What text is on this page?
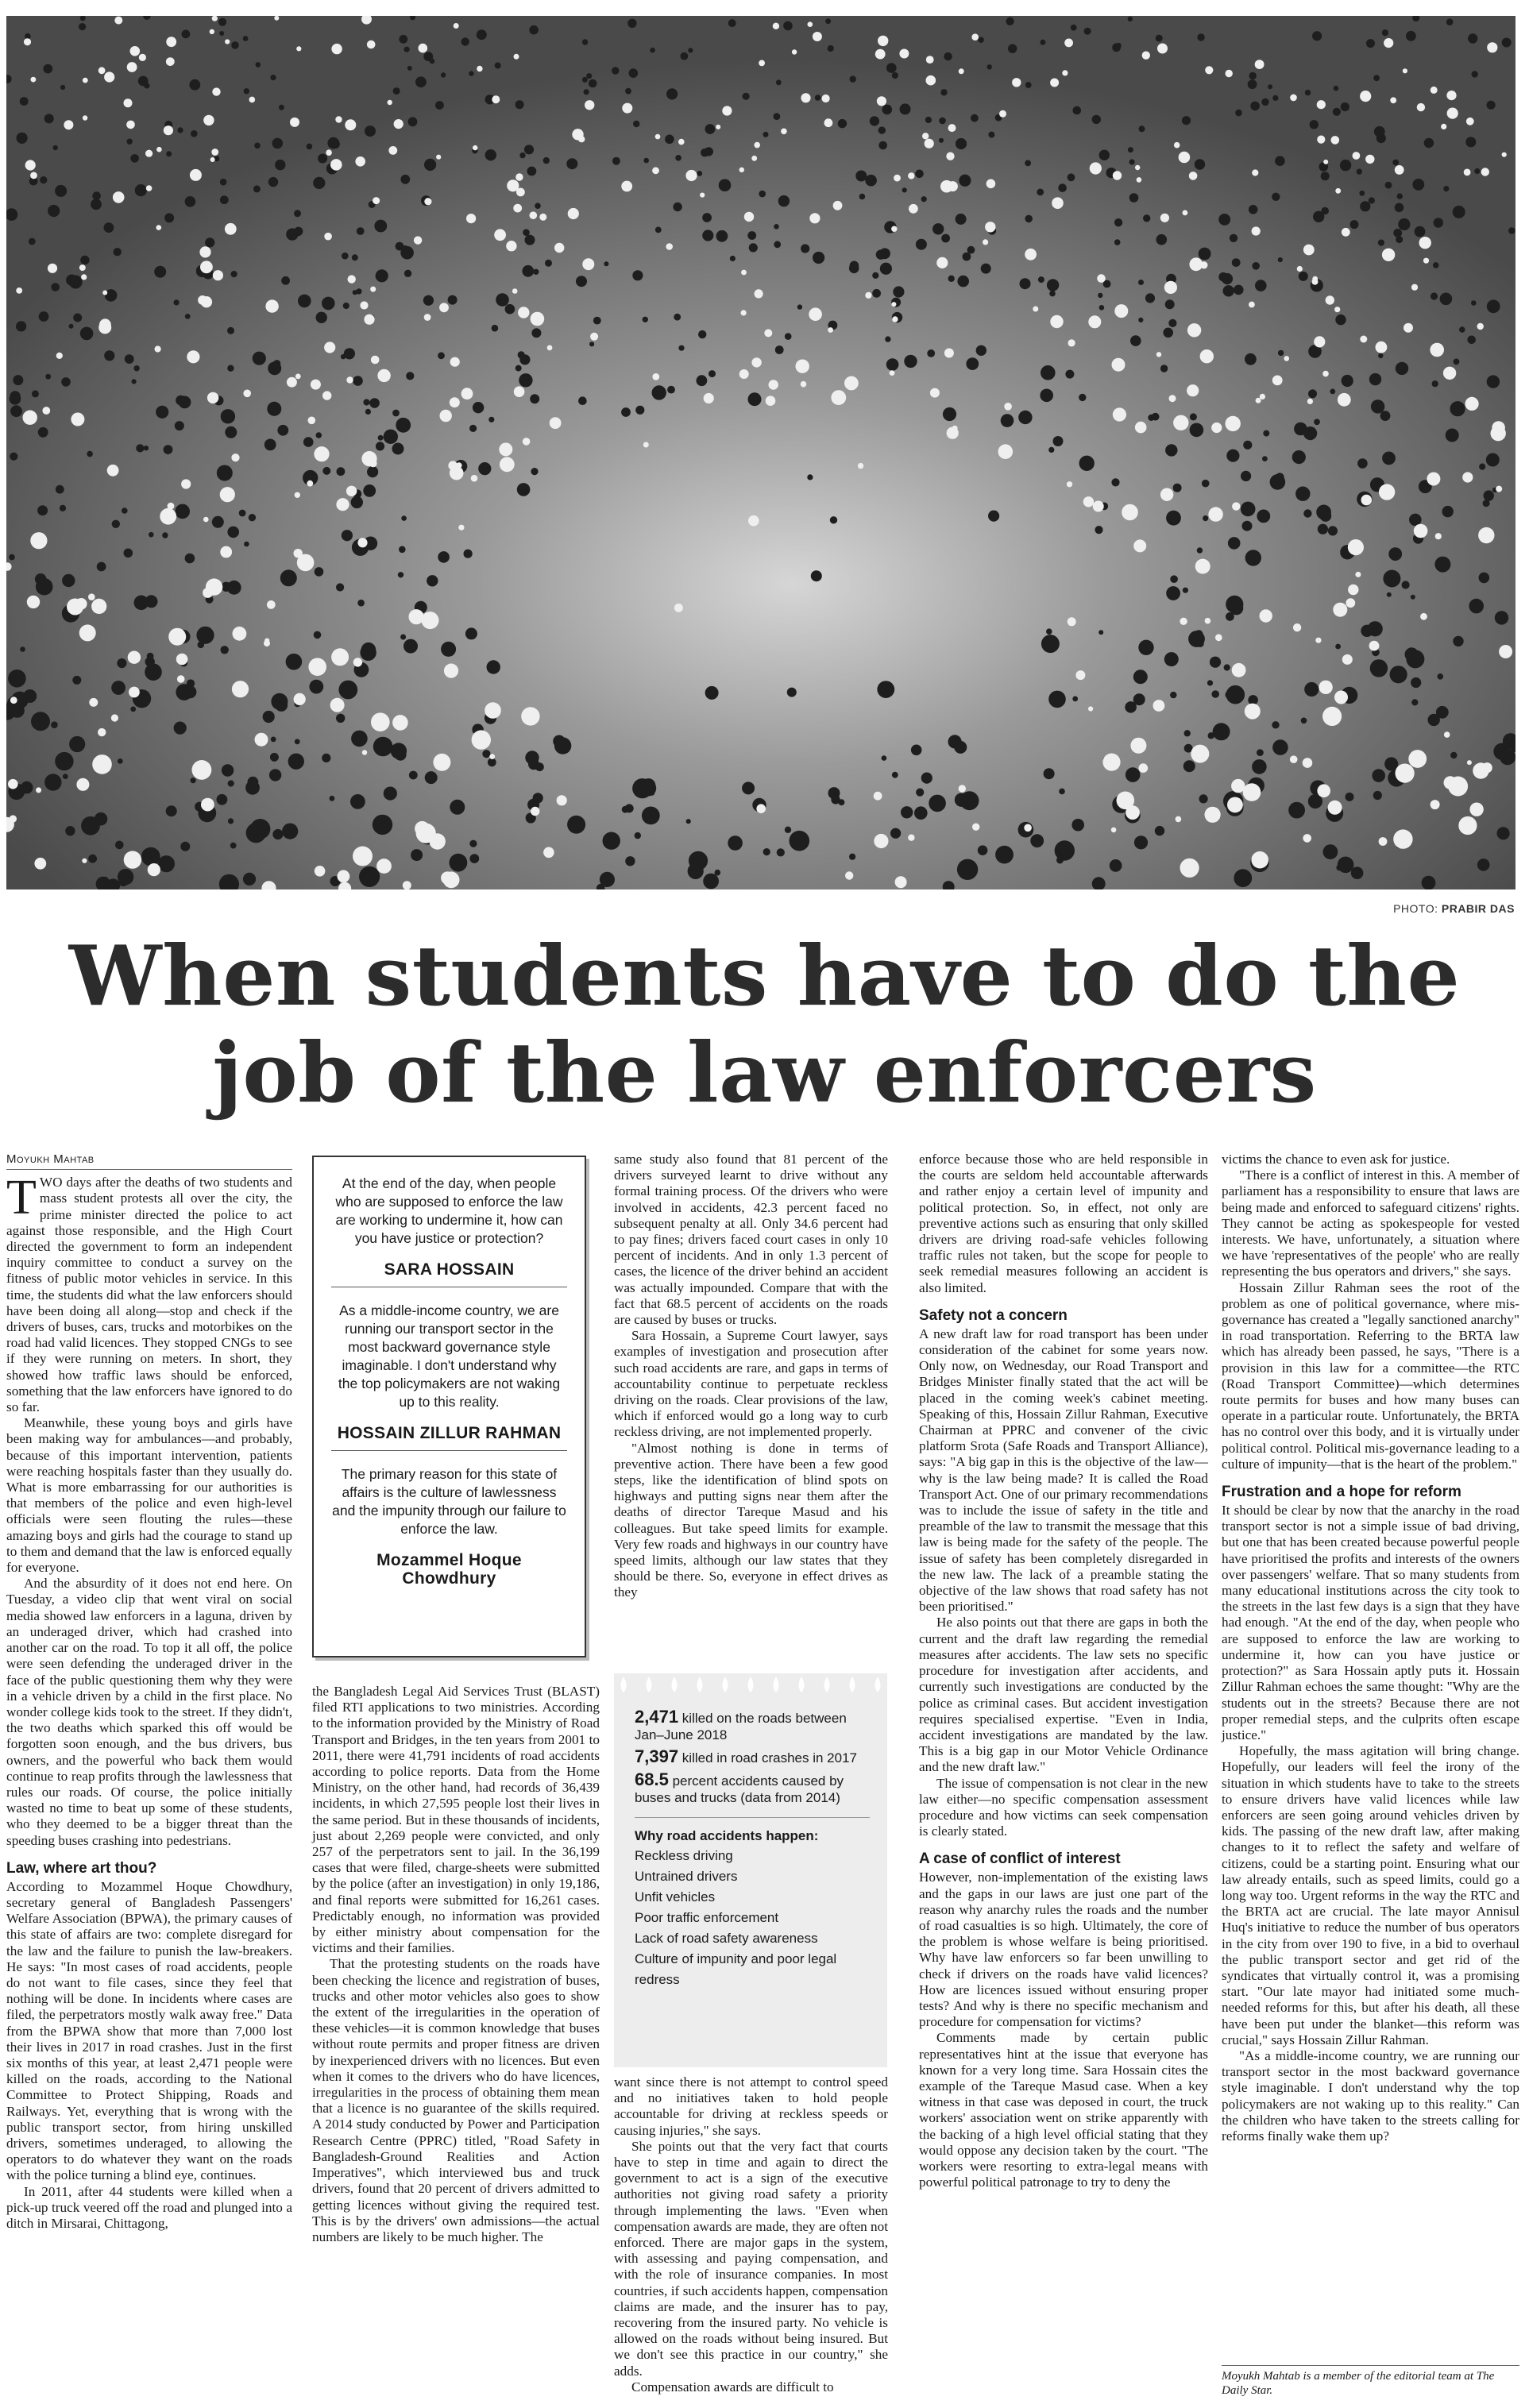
PHOTO: PRABIR DAS
When students have to do the
job of the law enforcers
Moyukh Mahtab

TWO days after the deaths of two students and mass student protests all over the city, the prime minister directed the police to act against those responsible, and the High Court directed the government to form an independent inquiry committee to conduct a survey on the fitness of public motor vehicles in service. In this time, the students did what the law enforcers should have been doing all along—stop and check if the drivers of buses, cars, trucks and motorbikes on the road had valid licences. They stopped CNGs to see if they were running on meters. In short, they showed how traffic laws should be enforced, something that the law enforcers have ignored to do so far.

Meanwhile, these young boys and girls have been making way for ambulances—and probably, because of this important intervention, patients were reaching hospitals faster than they usually do. What is more embarrassing for our authorities is that members of the police and even high-level officials were seen flouting the rules—these amazing boys and girls had the courage to stand up to them and demand that the law is enforced equally for everyone.

And the absurdity of it does not end here. On Tuesday, a video clip that went viral on social media showed law enforcers in a laguna, driven by an underaged driver, which had crashed into another car on the road. To top it all off, the police were seen defending the underaged driver in the face of the public questioning them why they were in a vehicle driven by a child in the first place. No wonder college kids took to the street. If they didn't, the two deaths which sparked this off would be forgotten soon enough, and the bus drivers, bus owners, and the powerful who back them would continue to reap profits through the lawlessness that rules our roads. Of course, the police initially wasted no time to beat up some of these students, who they deemed to be a bigger threat than the speeding buses crashing into pedestrians.

Law, where art thou?

According to Mozammel Hoque Chowdhury, secretary general of Bangladesh Passengers' Welfare Association (BPWA), the primary causes of this state of affairs are two: complete disregard for the law and the failure to punish the law-breakers. He says: "In most cases of road accidents, people do not want to file cases, since they feel that nothing will be done. In incidents where cases are filed, the perpetrators mostly walk away free." Data from the BPWA show that more than 7,000 lost their lives in 2017 in road crashes. Just in the first six months of this year, at least 2,471 people were killed on the roads, according to the National Committee to Protect Shipping, Roads and Railways. Yet, everything that is wrong with the public transport sector, from hiring unskilled drivers, sometimes underaged, to allowing the operators to do whatever they want on the roads with the police turning a blind eye, continues.

In 2011, after 44 students were killed when a pick-up truck veered off the road and plunged into a ditch in Mirsarai, Chittagong,

At the end of the day, when people who are supposed to enforce the law are working to undermine it, how can you have justice or protection?

SARA HOSSAIN

As a middle-income country, we are running our transport sector in the most backward governance style imaginable. I don't understand why the top policymakers are not waking up to this reality.

HOSSAIN ZILLUR RAHMAN

The primary reason for this state of affairs is the culture of lawlessness and the impunity through our failure to enforce the law.

Mozammel Hoque Chowdhury

the Bangladesh Legal Aid Services Trust (BLAST) filed RTI applications to two ministries. According to the information provided by the Ministry of Road Transport and Bridges, in the ten years from 2001 to 2011, there were 41,791 incidents of road accidents according to police reports. Data from the Home Ministry, on the other hand, had records of 36,439 incidents, in which 27,595 people lost their lives in the same period. But in these thousands of incidents, just about 2,269 people were convicted, and only 257 of the perpetrators sent to jail. In the 36,199 cases that were filed, charge-sheets were submitted by the police (after an investigation) in only 19,186, and final reports were submitted for 16,261 cases. Predictably enough, no information was provided by either ministry about compensation for the victims and their families.

That the protesting students on the roads have been checking the licence and registration of buses, trucks and other motor vehicles also goes to show the extent of the irregularities in the operation of these vehicles—it is common knowledge that buses without route permits and proper fitness are driven by inexperienced drivers with no licences. But even when it comes to the drivers who do have licences, irregularities in the process of obtaining them mean that a licence is no guarantee of the skills required. A 2014 study conducted by Power and Participation Research Centre (PPRC) titled, "Road Safety in Bangladesh-Ground Realities and Action Imperatives", which interviewed bus and truck drivers, found that 20 percent of drivers admitted to getting licences without giving the required test. This is by the drivers' own admissions—the actual numbers are likely to be much higher. The

same study also found that 81 percent of the drivers surveyed learnt to drive without any formal training process. Of the drivers who were involved in accidents, 42.3 percent faced no subsequent penalty at all. Only 34.6 percent had to pay fines; drivers faced court cases in only 10 percent of incidents. And in only 1.3 percent of cases, the licence of the driver behind an accident was actually impounded. Compare that with the fact that 68.5 percent of accidents on the roads are caused by buses or trucks.

Sara Hossain, a Supreme Court lawyer, says examples of investigation and prosecution after such road accidents are rare, and gaps in terms of accountability continue to perpetuate reckless driving on the roads. Clear provisions of the law, which if enforced would go a long way to curb reckless driving, are not implemented properly.

"Almost nothing is done in terms of preventive action. There have been a few good steps, like the identification of blind spots on highways and putting signs near them after the deaths of director Tareque Masud and his colleagues. But take speed limits for example. Very few roads and highways in our country have speed limits, although our law states that they should be there. So, everyone in effect drives as they

2,471 killed on the roads between Jan–June 2018

7,397 killed in road crashes in 2017

68.5 percent accidents caused by buses and trucks (data from 2014)

Why road accidents happen:

Reckless driving
Untrained drivers
Unfit vehicles
Poor traffic enforcement
Lack of road safety awareness
Culture of impunity and poor legal redress

want since there is not attempt to control speed and no initiatives taken to hold people accountable for driving at reckless speeds or causing injuries," she says.

She points out that the very fact that courts have to step in time and again to direct the government to act is a sign of the executive authorities not giving road safety a priority through implementing the laws. "Even when compensation awards are made, they are often not enforced. There are major gaps in the system, with assessing and paying compensation, and with the role of insurance companies. In most countries, if such accidents happen, compensation claims are made, and the insurer has to pay, recovering from the insured party. No vehicle is allowed on the roads without being insured. But we don't see this practice in our country," she adds.

Compensation awards are difficult to

enforce because those who are held responsible in the courts are seldom held accountable afterwards and rather enjoy a certain level of impunity and political protection. So, in effect, not only are preventive actions such as ensuring that only skilled drivers are driving road-safe vehicles following traffic rules not taken, but the scope for people to seek remedial measures following an accident is also limited.

Safety not a concern

A new draft law for road transport has been under consideration of the cabinet for some years now. Only now, on Wednesday, our Road Transport and Bridges Minister finally stated that the act will be placed in the coming week's cabinet meeting. Speaking of this, Hossain Zillur Rahman, Executive Chairman at PPRC and convener of the civic platform Srota (Safe Roads and Transport Alliance), says: "A big gap in this is the objective of the law—why is the law being made? It is called the Road Transport Act. One of our primary recommendations was to include the issue of safety in the title and preamble of the law to transmit the message that this law is being made for the safety of the people. The issue of safety has been completely disregarded in the new law. The lack of a preamble stating the objective of the law shows that road safety has not been prioritised."

He also points out that there are gaps in both the current and the draft law regarding the remedial measures after accidents. The law sets no specific procedure for investigation after accidents, and currently such investigations are conducted by the police as criminal cases. But accident investigation requires specialised expertise. "Even in India, accident investigations are mandated by the law. This is a big gap in our Motor Vehicle Ordinance and the new draft law."

The issue of compensation is not clear in the new law either—no specific compensation assessment procedure and how victims can seek compensation is clearly stated.

A case of conflict of interest

However, non-implementation of the existing laws and the gaps in our laws are just one part of the reason why anarchy rules the roads and the number of road casualties is so high. Ultimately, the core of the problem is whose welfare is being prioritised. Why have law enforcers so far been unwilling to check if drivers on the roads have valid licences? How are licences issued without ensuring proper tests? And why is there no specific mechanism and procedure for compensation for victims?

Comments made by certain public representatives hint at the issue that everyone has known for a very long time. Sara Hossain cites the example of the Tareque Masud case. When a key witness in that case was deposed in court, the truck workers' association went on strike apparently with the backing of a high level official stating that they would oppose any decision taken by the court. "The workers were resorting to extra-legal means with powerful political patronage to try to deny the

victims the chance to even ask for justice.

"There is a conflict of interest in this. A member of parliament has a responsibility to ensure that laws are being made and enforced to safeguard citizens' rights. They cannot be acting as spokespeople for vested interests. We have, unfortunately, a situation where we have 'representatives of the people' who are really representing the bus operators and drivers," she says.

Hossain Zillur Rahman sees the root of the problem as one of political governance, where mis-governance has created a "legally sanctioned anarchy" in road transportation. Referring to the BRTA law which has already been passed, he says, "There is a provision in this law for a committee—the RTC (Road Transport Committee)—which determines route permits for buses and how many buses can operate in a particular route. Unfortunately, the BRTA has no control over this body, and it is virtually under political control. Political mis-governance leading to a culture of impunity—that is the heart of the problem."

Frustration and a hope for reform

It should be clear by now that the anarchy in the road transport sector is not a simple issue of bad driving, but one that has been created because powerful people have prioritised the profits and interests of the owners over passengers' welfare. That so many students from many educational institutions across the city took to the streets in the last few days is a sign that they have had enough. "At the end of the day, when people who are supposed to enforce the law are working to undermine it, how can you have justice or protection?" as Sara Hossain aptly puts it. Hossain Zillur Rahman echoes the same thought: "Why are the students out in the streets? Because there are not proper remedial steps, and the culprits often escape justice."

Hopefully, the mass agitation will bring change. Hopefully, our leaders will feel the irony of the situation in which students have to take to the streets to ensure drivers have valid licences while law enforcers are seen going around vehicles driven by kids. The passing of the new draft law, after making changes to it to reflect the safety and welfare of citizens, could be a starting point. Ensuring what our law already entails, such as speed limits, could go a long way too. Urgent reforms in the way the RTC and the BRTA act are crucial. The late mayor Annisul Huq's initiative to reduce the number of bus operators in the city from over 190 to five, in a bid to overhaul the public transport sector and get rid of the syndicates that virtually control it, was a promising start. "Our late mayor had initiated some much-needed reforms for this, but after his death, all these have been put under the blanket—this reform was crucial," says Hossain Zillur Rahman.

"As a middle-income country, we are running our transport sector in the most backward governance style imaginable. I don't understand why the top policymakers are not waking up to this reality." Can the children who have taken to the streets calling for reforms finally wake them up?

Moyukh Mahtab is a member of the editorial team at The Daily Star.
